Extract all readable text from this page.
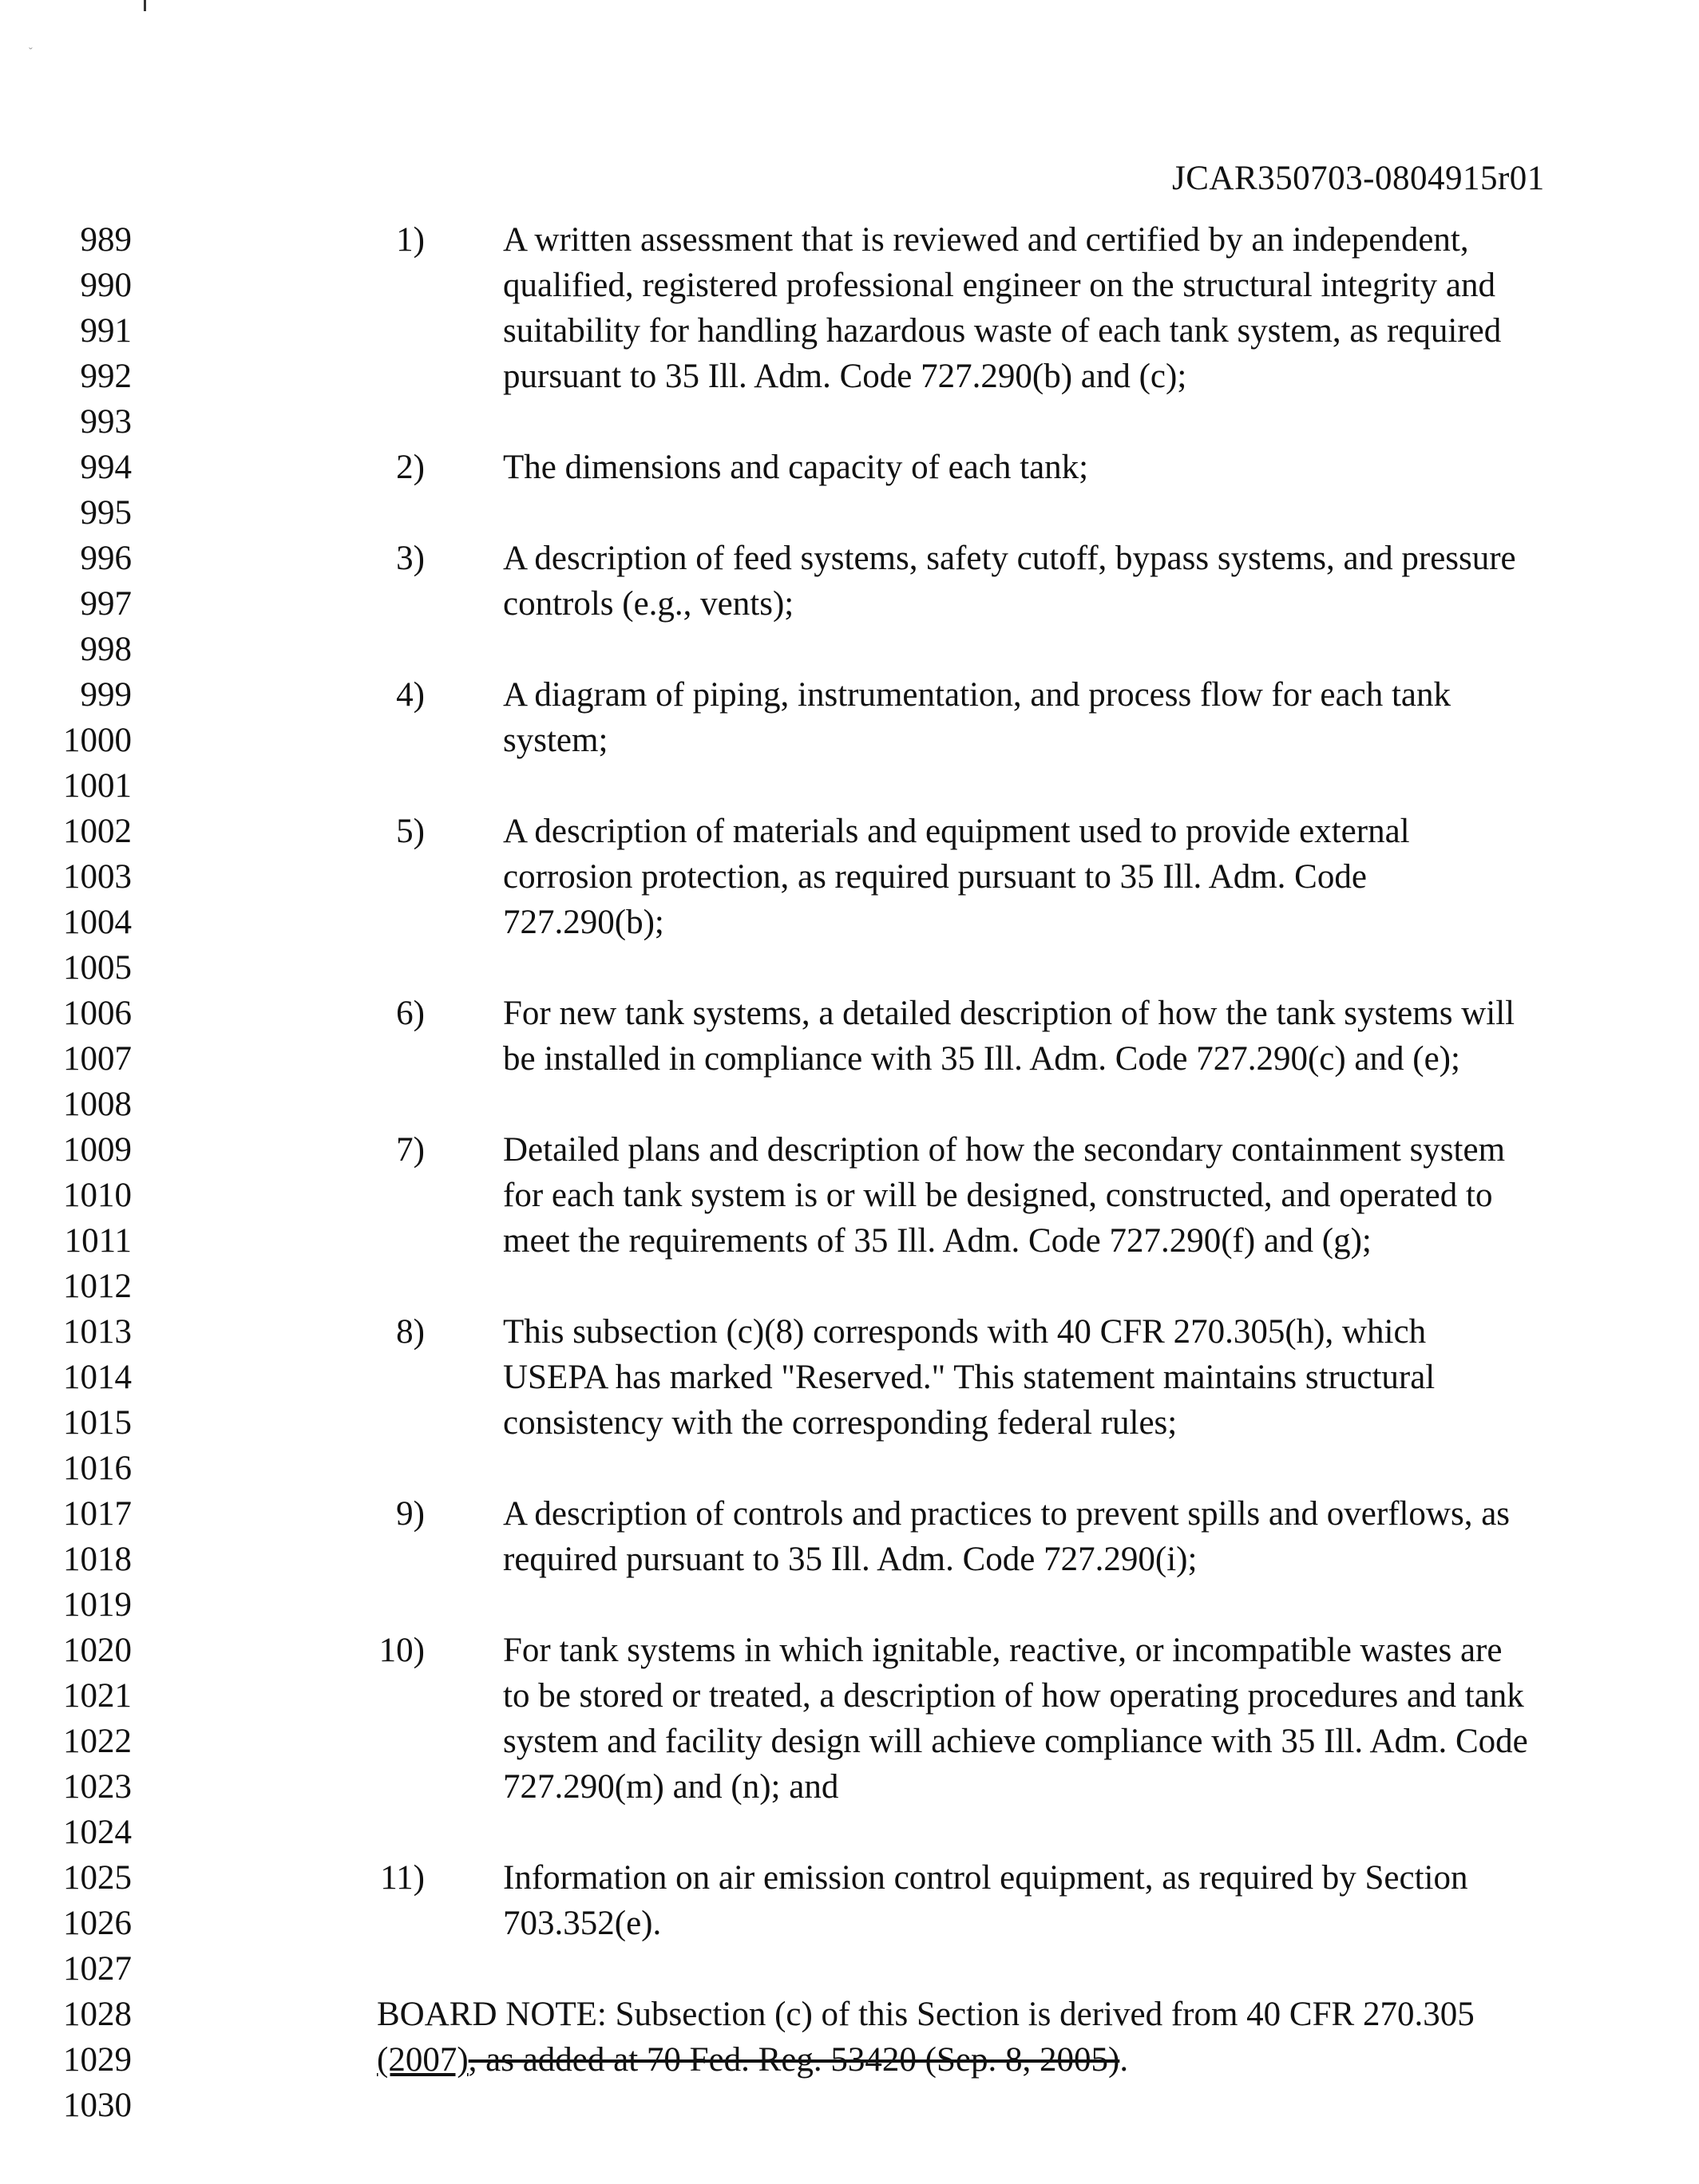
ˇ
JCAR350703-0804915r01
989
990
991
992
993
994
995
996
997
998
999
1000
1001
1002
1003
1004
1005
1006
1007
1008
1009
1010
1011
1012
1013
1014
1015
1016
1017
1018
1019
1020
1021
1022
1023
1024
1025
1026
1027
1028
1029
1030
1) A written assessment that is reviewed and certified by an independent,
qualified, registered professional engineer on the structural integrity and
suitability for handling hazardous waste of each tank system, as required
pursuant to 35 Ill. Adm. Code 727.290(b) and (c);
2) The dimensions and capacity of each tank;
3) A description of feed systems, safety cutoff, bypass systems, and pressure
controls (e.g., vents);
4) A diagram of piping, instrumentation, and process flow for each tank
system;
5) A description of materials and equipment used to provide external
corrosion protection, as required pursuant to 35 Ill. Adm. Code
727.290(b);
6) For new tank systems, a detailed description of how the tank systems will
be installed in compliance with 35 Ill. Adm. Code 727.290(c) and (e);
7) Detailed plans and description of how the secondary containment system
for each tank system is or will be designed, constructed, and operated to
meet the requirements of 35 Ill. Adm. Code 727.290(f) and (g);
8) This subsection (c)(8) corresponds with 40 CFR 270.305(h), which
USEPA has marked "Reserved." This statement maintains structural
consistency with the corresponding federal rules;
9) A description of controls and practices to prevent spills and overflows, as
required pursuant to 35 Ill. Adm. Code 727.290(i);
10) For tank systems in which ignitable, reactive, or incompatible wastes are
to be stored or treated, a description of how operating procedures and tank
system and facility design will achieve compliance with 35 Ill. Adm. Code
727.290(m) and (n); and
11) Information on air emission control equipment, as required by Section
703.352(e).
BOARD NOTE: Subsection (c) of this Section is derived from 40 CFR 270.305
(2007), as added at 70 Fed. Reg. 53420 (Sep. 8, 2005).
